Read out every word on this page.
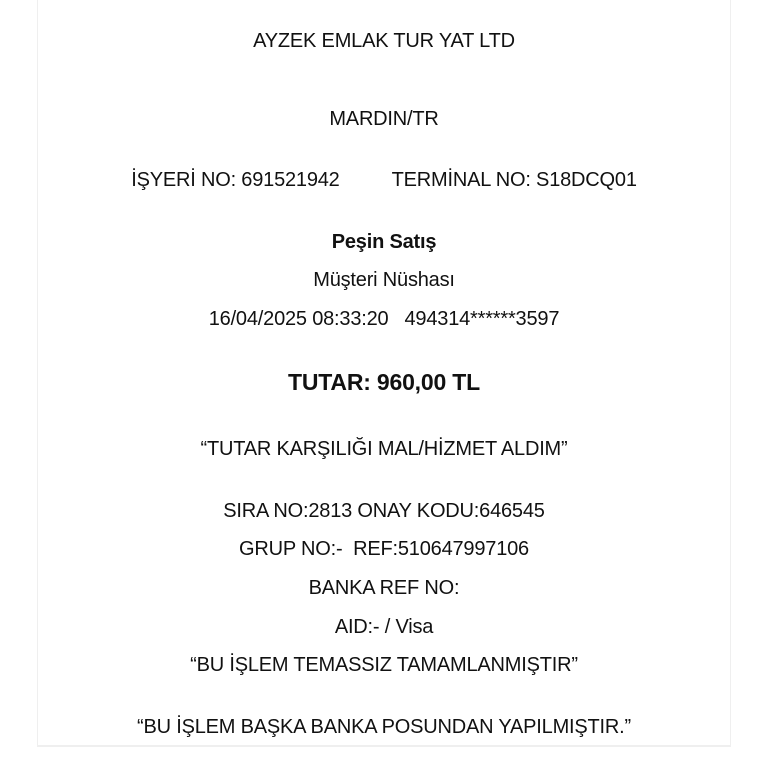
AYZEK EMLAK TUR YAT LTD
MARDIN/TR
İŞYERİ NO: 691521942	TERMİNAL NO: S18DCQ01
Peşin Satış
Müşteri Nüshası
16/04/2025 08:33:20   494314******3597
TUTAR: 960,00 TL
“TUTAR KARŞILIĞI MAL/HİZMET ALDIM”
SIRA NO:2813 ONAY KODU:646545
GRUP NO:-  REF:510647997106
BANKA REF NO:
AID:- / Visa
“BU İŞLEM TEMASSIZ TAMAMLANMIŞTIR”
“BU İŞLEM BAŞKA BANKA POSUNDAN YAPILMIŞTIR.”
